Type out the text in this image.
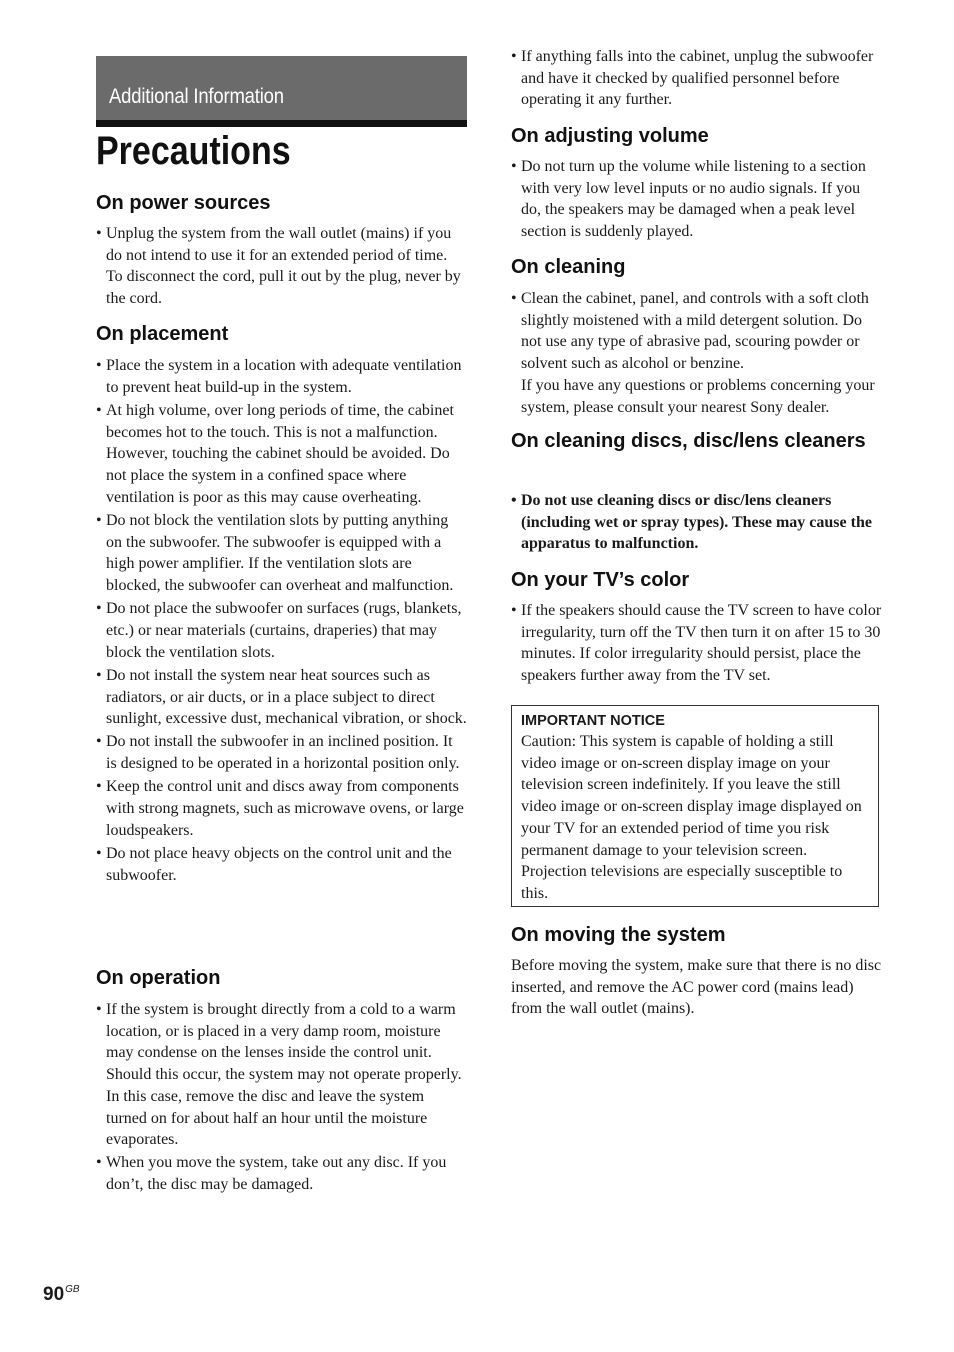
Additional Information
Precautions
On power sources
• Unplug the system from the wall outlet (mains) if you do not intend to use it for an extended period of time. To disconnect the cord, pull it out by the plug, never by the cord.
On placement
• Place the system in a location with adequate ventilation to prevent heat build-up in the system.
• At high volume, over long periods of time, the cabinet becomes hot to the touch. This is not a malfunction. However, touching the cabinet should be avoided. Do not place the system in a confined space where ventilation is poor as this may cause overheating.
• Do not block the ventilation slots by putting anything on the subwoofer. The subwoofer is equipped with a high power amplifier. If the ventilation slots are blocked, the subwoofer can overheat and malfunction.
• Do not place the subwoofer on surfaces (rugs, blankets, etc.) or near materials (curtains, draperies) that may block the ventilation slots.
• Do not install the system near heat sources such as radiators, or air ducts, or in a place subject to direct sunlight, excessive dust, mechanical vibration, or shock.
• Do not install the subwoofer in an inclined position. It is designed to be operated in a horizontal position only.
• Keep the control unit and discs away from components with strong magnets, such as microwave ovens, or large loudspeakers.
• Do not place heavy objects on the control unit and the subwoofer.
On operation
• If the system is brought directly from a cold to a warm location, or is placed in a very damp room, moisture may condense on the lenses inside the control unit. Should this occur, the system may not operate properly. In this case, remove the disc and leave the system turned on for about half an hour until the moisture evaporates.
• When you move the system, take out any disc. If you don’t, the disc may be damaged.
• If anything falls into the cabinet, unplug the subwoofer and have it checked by qualified personnel before operating it any further.
On adjusting volume
• Do not turn up the volume while listening to a section with very low level inputs or no audio signals. If you do, the speakers may be damaged when a peak level section is suddenly played.
On cleaning
• Clean the cabinet, panel, and controls with a soft cloth slightly moistened with a mild detergent solution. Do not use any type of abrasive pad, scouring powder or solvent such as alcohol or benzine.
If you have any questions or problems concerning your system, please consult your nearest Sony dealer.
On cleaning discs, disc/lens cleaners
• Do not use cleaning discs or disc/lens cleaners (including wet or spray types). These may cause the apparatus to malfunction.
On your TV’s color
• If the speakers should cause the TV screen to have color irregularity, turn off the TV then turn it on after 15 to 30 minutes. If color irregularity should persist, place the speakers further away from the TV set.
IMPORTANT NOTICE
Caution: This system is capable of holding a still video image or on-screen display image on your television screen indefinitely. If you leave the still video image or on-screen display image displayed on your TV for an extended period of time you risk permanent damage to your television screen. Projection televisions are especially susceptible to this.
On moving the system

Before moving the system, make sure that there is no disc inserted, and remove the AC power cord (mains lead) from the wall outlet (mains).

$90^{GB}$
